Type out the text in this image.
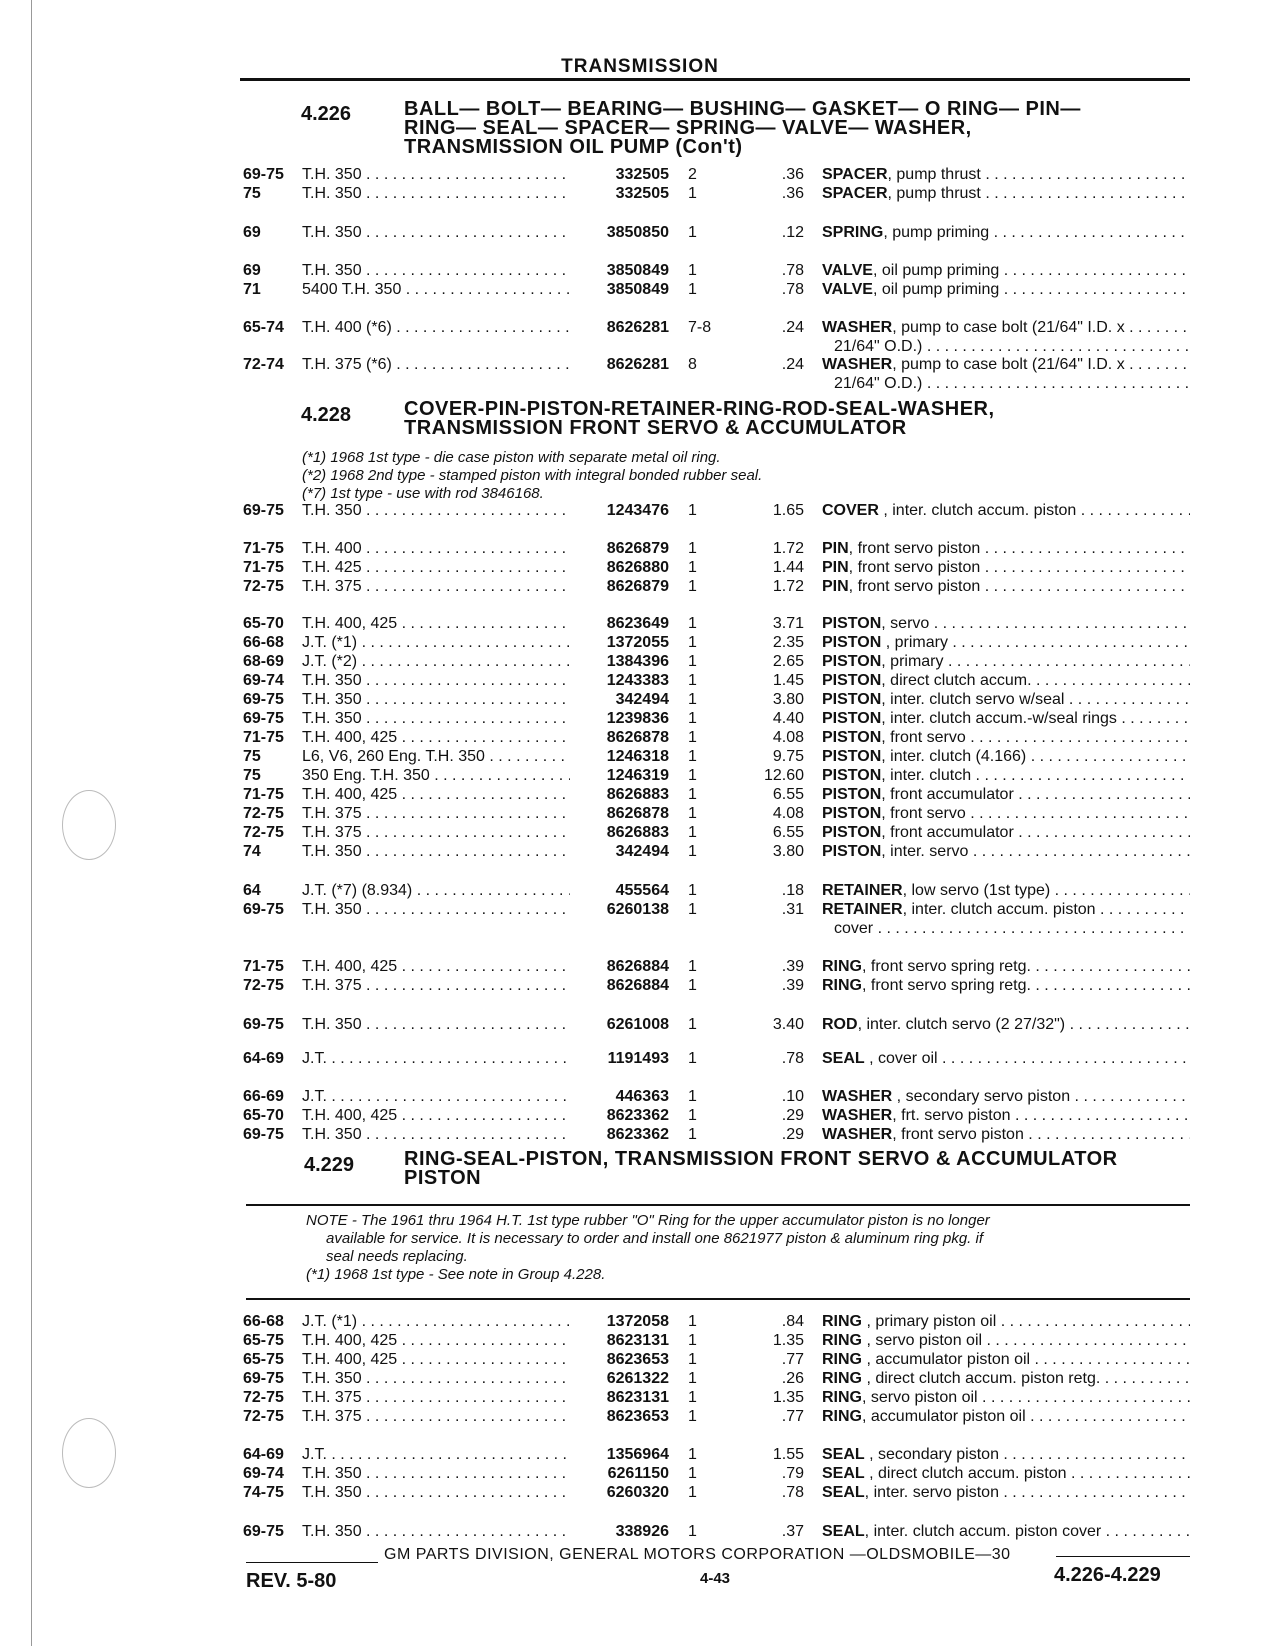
TRANSMISSION
4.226	BALL— BOLT— BEARING— BUSHING— GASKET— O RING— PIN—
RING— SEAL— SPACER— SPRING— VALVE— WASHER,
TRANSMISSION OIL PUMP (Con't)
69-75 T.H. 350 . . .	332505 2	.36 SPACER, pump thrust . . .
75	T.H. 350 . . .	332505 1	.36 SPACER, pump thrust . . .
69	T.H. 350 . . .	3850850 1	.12 SPRING, pump priming . . .
69	T.H. 350 . . .	3850849 1	.78 VALVE, oil pump priming . . .
71	5400 T.H. 350 . . .	3850849 1	.78 VALVE, oil pump priming . . .
65-74 T.H. 400 (*6) . . .	8626281 7-8	.24 WASHER, pump to case bolt (21/64" I.D. x . . .
21/64" O.D.) . . .
72-74 T.H. 375 (*6) . . .	8626281 8	.24 WASHER, pump to case bolt (21/64" I.D. x . . .
21/64" O.D.) . . .
4.228	COVER-PIN-PISTON-RETAINER-RING-ROD-SEAL-WASHER,
TRANSMISSION FRONT SERVO & ACCUMULATOR
(*1) 1968 1st type - die case piston with separate metal oil ring.
(*2) 1968 2nd type - stamped piston with integral bonded rubber seal.
(*7) 1st type - use with rod 3846168.
69-75 T.H. 350 . . .	1243476 1	1.65 COVER , inter. clutch accum. piston . . .
71-75 T.H. 400 . . .	8626879 1	1.72 PIN, front servo piston . . .
71-75 T.H. 425 . . .	8626880 1	1.44 PIN, front servo piston . . .
72-75 T.H. 375 . . .	8626879 1	1.72 PIN, front servo piston . . .
65-70 T.H. 400, 425 . . .	8623649 1	3.71 PISTON, servo . . .
66-68 J.T. (*1) . . .	1372055 1	2.35 PISTON , primary . . .
68-69 J.T. (*2) . . .	1384396 1	2.65 PISTON, primary . . .
69-74 T.H. 350 . . .	1243383 1	1.45 PISTON, direct clutch accum. . . .
69-75 T.H. 350 . . .	342494 1	3.80 PISTON, inter. clutch servo w/seal . . .
69-75 T.H. 350 . . .	1239836 1	4.40 PISTON, inter. clutch accum.-w/seal rings . . .
71-75 T.H. 400, 425 . . .	8626878 1	4.08 PISTON, front servo . . .
75	L6, V6, 260 Eng. T.H. 350 . . .	1246318 1	9.75 PISTON, inter. clutch (4.166) . . .
75	350 Eng. T.H. 350 . . .	1246319 1	12.60 PISTON, inter. clutch . . .
71-75 T.H. 400, 425 . . .	8626883 1	6.55 PISTON, front accumulator . . .
72-75 T.H. 375 . . .	8626878 1	4.08 PISTON, front servo . . .
72-75 T.H. 375 . . .	8626883 1	6.55 PISTON, front accumulator . . .
74	T.H. 350 . . .	342494 1	3.80 PISTON, inter. servo . . .
64	J.T. (*7) (8.934) . . .	455564 1	.18 RETAINER, low servo (1st type) . . .
69-75 T.H. 350 . . .	6260138 1	.31 RETAINER, inter. clutch accum. piston . . .
cover . . .
71-75 T.H. 400, 425 . . .	8626884 1	.39 RING, front servo spring retg. . . .
72-75 T.H. 375 . . .	8626884 1	.39 RING, front servo spring retg. . . .
69-75 T.H. 350 . . .	6261008 1	3.40 ROD, inter. clutch servo (2 27/32") . . .
64-69 J.T. . . .	1191493 1	.78 SEAL , cover oil . . .
66-69 J.T. . . .	446363 1	.10 WASHER , secondary servo piston . . .
65-70 T.H. 400, 425 . . .	8623362 1	.29 WASHER, frt. servo piston . . .
69-75 T.H. 350 . . .	8623362 1	.29 WASHER, front servo piston . . .
4.229 RING-SEAL-PISTON, TRANSMISSION FRONT SERVO & ACCUMULATOR
PISTON
NOTE - The 1961 thru 1964 H.T. 1st type rubber "O" Ring for the upper accumulator piston is no longer
available for service. It is necessary to order and install one 8621977 piston & aluminum ring pkg. if
seal needs replacing.
(*1) 1968 1st type - See note in Group 4.228.
66-68 J.T. (*1) . . .	1372058 1	.84 RING , primary piston oil . . .
65-75 T.H. 400, 425 . . .	8623131 1	1.35 RING , servo piston oil . . .
65-75 T.H. 400, 425 . . .	8623653 1	.77 RING , accumulator piston oil . . .
69-75 T.H. 350 . . .	6261322 1	.26 RING , direct clutch accum. piston retg. . . .
72-75 T.H. 375 . . .	8623131 1	1.35 RING, servo piston oil . . .
72-75 T.H. 375 . . .	8623653 1	.77 RING, accumulator piston oil . . .
64-69 J.T. . . .	1356964 1	1.55 SEAL , secondary piston . . .
69-74 T.H. 350 . . .	6261150 1	.79 SEAL , direct clutch accum. piston . . .
74-75 T.H. 350 . . .	6260320 1	.78 SEAL, inter. servo piston . . .
69-75 T.H. 350 . . .	338926 1	.37 SEAL, inter. clutch accum. piston cover . . .
GM PARTS DIVISION, GENERAL MOTORS CORPORATION —OLDSMOBILE—30
REV. 5-80	4-43	4.226-4.229
